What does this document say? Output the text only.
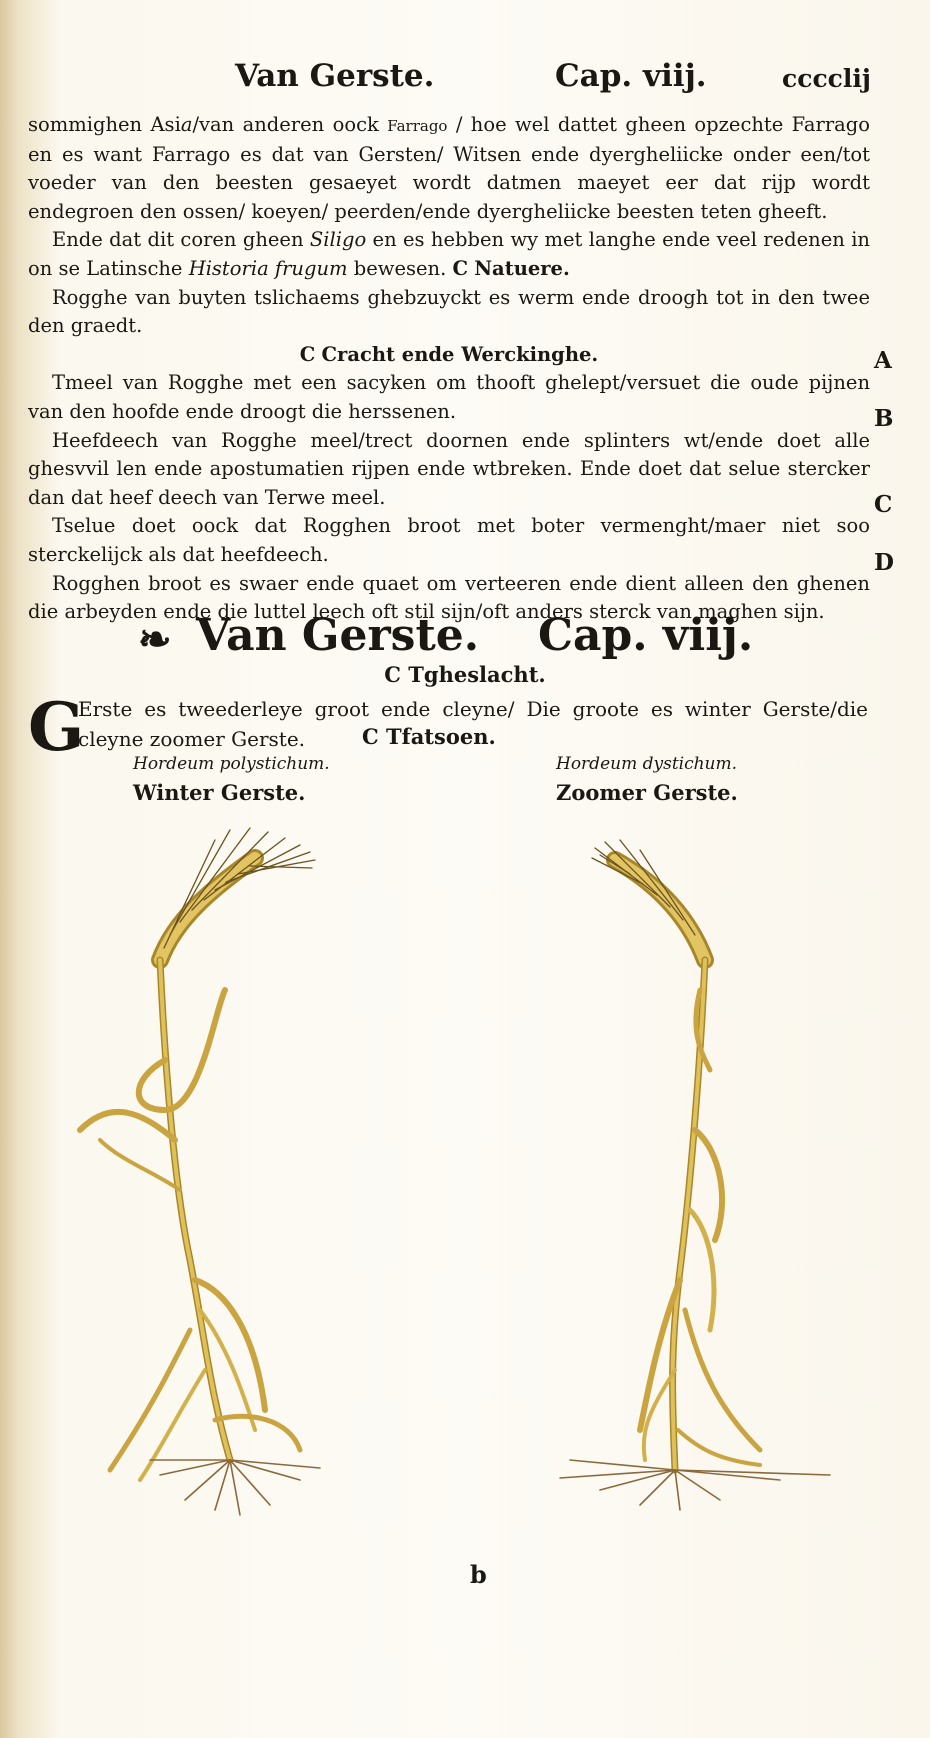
Van Gerste.	Cap. viij.	cccclij

sommighen Asia/van anderen oock Farrago / hoe wel dattet gheen opzechte Farrago en es want Farrago es dat van Gersten/ Witsen ende dyergheliicke onder een/tot voeder van den beesten gesaeyet wordt datmen maeyet eer dat rijp wordt endegroen den ossen/ koeyen/ peerden/ende dyergheliicke beesten teten gheeft.

Ende dat dit coren gheen Siligo en es hebben wy met langhe ende veel redenen in on se Latinsche Historia frugum bewesen. C Natuere.

Rogghe van buyten tslichaems ghebzuyckt es werm ende droogh tot in den twee den graedt.

C Cracht ende Werckinghe.

Tmeel van Rogghe met een sacyken om thooft ghelept/versuet die oude pijnen van den hoofde ende droogt die herssenen.

Heefdeech van Rogghe meel/trect doornen ende splinters wt/ende doet alle ghesvvil len ende apostumatien rijpen ende wtbreken. Ende doet dat selue stercker dan dat heef deech van Terwe meel.

Tselue doet oock dat Rogghen broot met boter vermenght/maer niet soo sterckelijck als dat heefdeech.

Rogghen broot es swaer ende quaet om verteeren ende dient alleen den ghenen die arbeyden ende die luttel leech oft stil sijn/oft anders sterck van maghen sijn.

A
B
C
D
❧ Van Gerste. Cap. viij.
C Tgheslacht.
G

Erste es tweederleye groot ende cleyne/ Die groote es winter Gerste/die cleyne zoomer Gerste.	C Tfatsoen.
Hordeum polystichum.
Winter Gerste.
Hordeum dystichum.
Zoomer Gerste.
b
